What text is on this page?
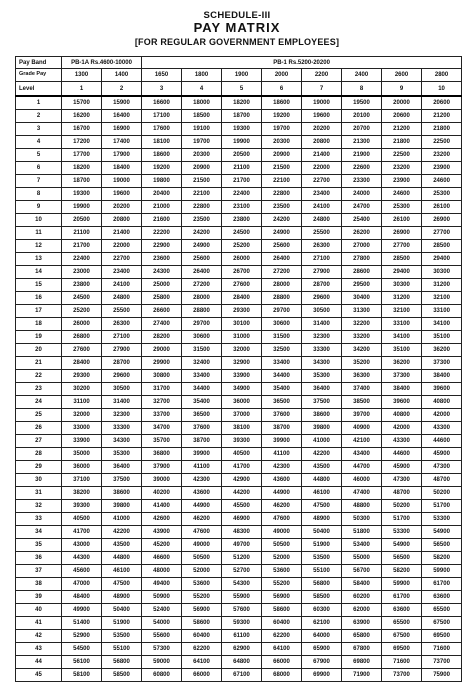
SCHEDULE-III
PAY MATRIX
[FOR REGULAR GOVERNMENT EMPLOYEES]
Pay Band	PB-1A Rs.4600-10000		PB-1 Rs.5200-20200							
Grade Pay	1300	1400	1650	1800	1900	2000	2200	2400	2600	2800
Level	1	2	3	4	5	6	7	8	9	10
1	15700	15900	16600	18000	18200	18600	19000	19500	20000	20600
2	16200	16400	17100	18500	18700	19200	19600	20100	20600	21200
3	16700	16900	17600	19100	19300	19700	20200	20700	21200	21800
4	17200	17400	18100	19700	19900	20300	20800	21300	21800	22500
5	17700	17900	18600	20300	20500	20900	21400	21900	22500	23200
6	18200	18400	19200	20900	21100	21500	22000	22600	23200	23900
7	18700	19000	19800	21500	21700	22100	22700	23300	23900	24600
8	19300	19600	20400	22100	22400	22800	23400	24000	24600	25300
9	19900	20200	21000	22800	23100	23500	24100	24700	25300	26100
10	20500	20800	21600	23500	23800	24200	24800	25400	26100	26900
11	21100	21400	22200	24200	24500	24900	25500	26200	26900	27700
12	21700	22000	22900	24900	25200	25600	26300	27000	27700	28500
13	22400	22700	23600	25600	26000	26400	27100	27800	28500	29400
14	23000	23400	24300	26400	26700	27200	27900	28600	29400	30300
15	23800	24100	25000	27200	27600	28000	28700	29500	30300	31200
16	24500	24800	25800	28000	28400	28800	29600	30400	31200	32100
17	25200	25500	26600	28800	29300	29700	30500	31300	32100	33100
18	26000	26300	27400	29700	30100	30600	31400	32200	33100	34100
19	26800	27100	28200	30600	31000	31500	32300	33200	34100	35100
20	27600	27900	29000	31500	32000	32500	33300	34200	35100	36200
21	28400	28700	29900	32400	32900	33400	34300	35200	36200	37300
22	29300	29600	30800	33400	33900	34400	35300	36300	37300	38400
23	30200	30500	31700	34400	34900	35400	36400	37400	38400	39600
24	31100	31400	32700	35400	36000	36500	37500	38500	39600	40800
25	32000	32300	33700	36500	37000	37600	38600	39700	40800	42000
26	33000	33300	34700	37600	38100	38700	39800	40900	42000	43300
27	33900	34300	35700	38700	39300	39900	41000	42100	43300	44600
28	35000	35300	36800	39900	40500	41100	42200	43400	44600	45900
29	36000	36400	37900	41100	41700	42300	43500	44700	45900	47300
30	37100	37500	39000	42300	42900	43600	44800	46000	47300	48700
31	38200	38600	40200	43600	44200	44900	46100	47400	48700	50200
32	39300	39800	41400	44900	45500	46200	47500	48800	50200	51700
33	40500	41000	42600	46200	46900	47600	48900	50300	51700	53300
34	41700	42200	43900	47600	48300	49000	50400	51800	53300	54900
35	43000	43500	45200	49000	49700	50500	51900	53400	54900	56500
36	44300	44800	46600	50500	51200	52000	53500	55000	56500	58200
37	45600	46100	48000	52000	52700	53600	55100	56700	58200	59900
38	47000	47500	49400	53600	54300	55200	56800	58400	59900	61700
39	48400	48900	50900	55200	55900	56900	58500	60200	61700	63600
40	49900	50400	52400	56900	57600	58600	60300	62000	63600	65500
41	51400	51900	54000	58600	59300	60400	62100	63900	65500	67500
42	52900	53500	55600	60400	61100	62200	64000	65800	67500	69500
43	54500	55100	57300	62200	62900	64100	65900	67800	69500	71600
44	56100	56800	59000	64100	64800	66000	67900	69800	71600	73700
45	58100	58500	60800	66000	67100	68000	69900	71900	73700	75900
